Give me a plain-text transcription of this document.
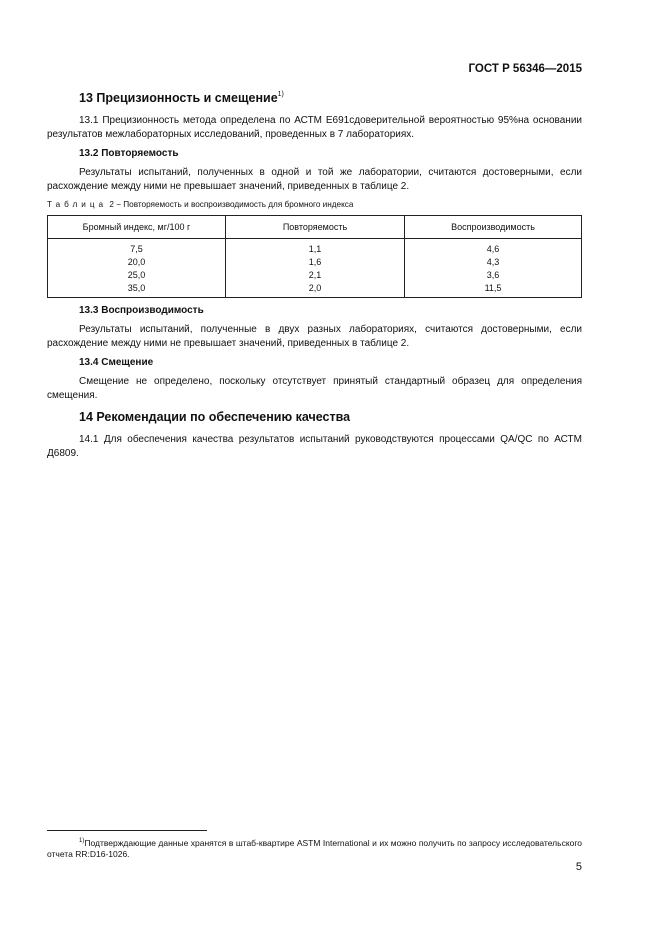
ГОСТ Р 56346—2015
13 Прецизионность и смещение$^{1)}$

13.1 Прецизионность метода определена по АСТМ Е691сдоверительной вероятностью 95%на основании результатов межлабораторных исследований, проведенных в 7 лабораториях.

13.2 Повторяемость

Результаты испытаний, полученных в одной и той же лаборатории, считаются достоверными, если расхождение между ними не превышает значений, приведенных в таблице 2.

Таблица 2 − Повторяемость и воспроизводимость для бромного индекса
Бромный индекс, мг/100 г	Повторяемость	Воспроизводимость
7,5	1,1	4,6
20,0	1,6	4,3
25,0	2,1	3,6
35,0	2,0	11,5
13.3 Воспроизводимость

Результаты испытаний, полученные в двух разных лабораториях, считаются достоверными, если расхождение между ними не превышает значений, приведенных в таблице 2.

13.4 Смещение

Смещение не определено, поскольку отсутствует принятый стандартный образец для определения смещения.

14 Рекомендации по обеспечению качества

14.1 Для обеспечения качества результатов испытаний руководствуются процессами QA/QC по АСТМ Д6809.

$^{1)}$Подтверждающие данные хранятся в штаб-квартире ASTM International и их можно получить по запросу исследовательского отчета RR:D16-1026.

5
